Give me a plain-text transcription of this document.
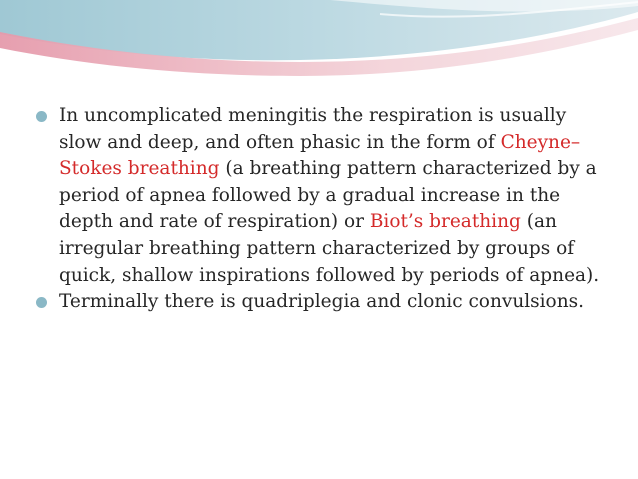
In uncomplicated meningitis the respiration is usually slow and deep, and often phasic in the form of Cheyne–Stokes breathing (a breathing pattern characterized by a period of apnea followed by a gradual increase in the depth and rate of respiration) or Biot’s breathing (an irregular breathing pattern characterized by groups of quick, shallow inspirations followed by periods of apnea).

Terminally there is quadriplegia and clonic convulsions.
